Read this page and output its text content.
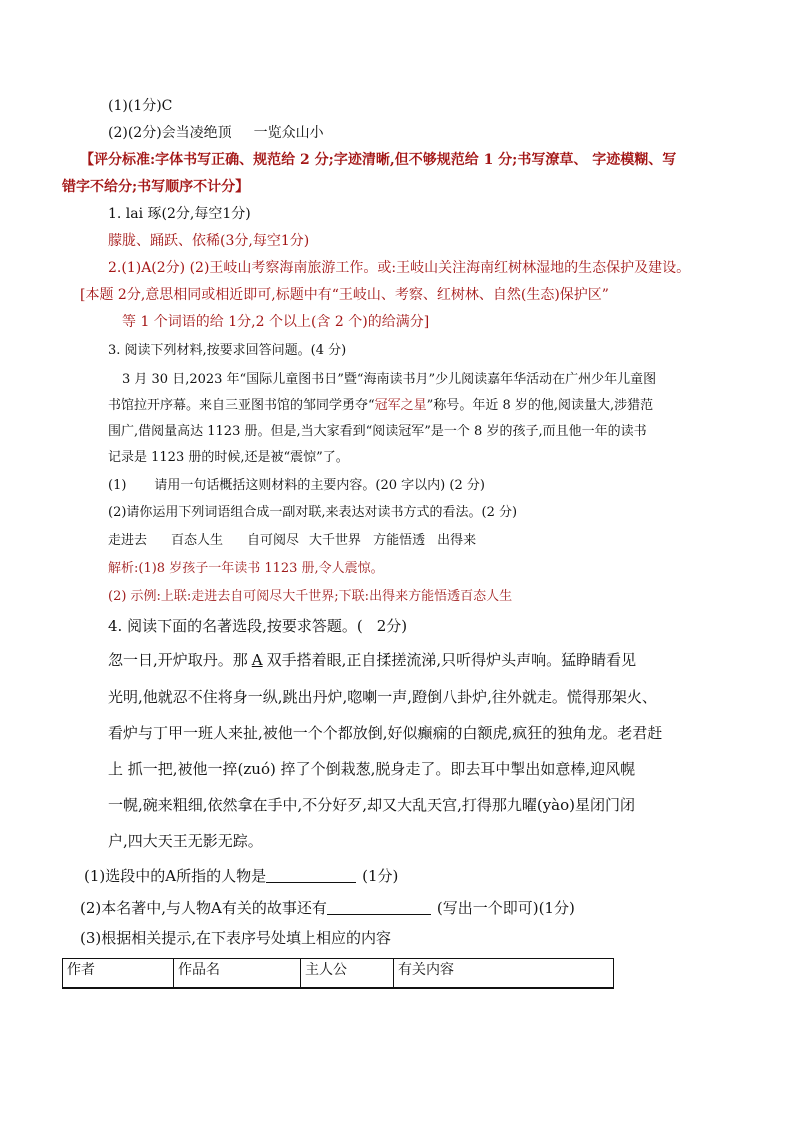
(1)(1分)C
(2)(2分)会当凌绝顶 一览众山小
【评分标准:字体书写正确、规范给 2 分;字迹清晰,但不够规范给 1 分;书写潦草、 字迹模糊、写
错字不给分;书写顺序不计分】
1. lai 琢(2分,每空1分)
朦胧、踊跃、依稀(3分,每空1分)
2.(1)A(2分) (2)王岐山考察海南旅游工作。或:王岐山关注海南红树林湿地的生态保护及建设。
[本题 2分,意思相同或相近即可,标题中有“王岐山、考察、红树林、自然(生态)保护区”
等 1 个词语的给 1分,2 个以上(含 2 个)的给满分]
3. 阅读下列材料,按要求回答问题。(4 分)
3 月 30 日,2023 年“国际儿童图书日”暨“海南读书月”少儿阅读嘉年华活动在广州少年儿童图
书馆拉开序幕。来自三亚图书馆的邹同学勇夺“冠军之星”称号。年近 8 岁的他,阅读量大,涉猎范
围广,借阅量高达 1123 册。但是,当大家看到“阅读冠军”是一个 8 岁的孩子,而且他一年的读书
记录是 1123 册的时候,还是被“震惊”了。
(1) 请用一句话概括这则材料的主要内容。(20 字以内) (2 分)
(2)请你运用下列词语组合成一副对联,来表达对读书方式的看法。(2 分)
走进去 百态人生 自可阅尽 大千世界 方能悟透 出得来
解析:(1)8 岁孩子一年读书 1123 册,令人震惊。
(2) 示例:上联:走进去自可阅尽大千世界;下联:出得来方能悟透百态人生
4. 阅读下面的名著选段,按要求答题。( 2分)
忽一日,开炉取丹。那 A 双手搭着眼,正自揉搓流涕,只听得炉头声响。猛睁睛看见
光明,他就忍不住将身一纵,跳出丹炉,唿喇一声,蹬倒八卦炉,往外就走。慌得那架火、
看炉与丁甲一班人来扯,被他一个个都放倒,好似癫痫的白额虎,疯狂的独角龙。老君赶
上 抓一把,被他一捽(zuó) 捽了个倒栽葱,脱身走了。即去耳中掣出如意棒,迎风幌
一幌,碗来粗细,依然拿在手中,不分好歹,却又大乱天宫,打得那九曜(yào)星闭门闭
户,四大天王无影无踪。
(1)选段中的A所指的人物是	(1分)
(2)本名著中,与人物A有关的故事还有	(写出一个即可)(1分)
(3)根据相关提示,在下表序号处填上相应的内容
作者	作品名	主人公	有关内容
